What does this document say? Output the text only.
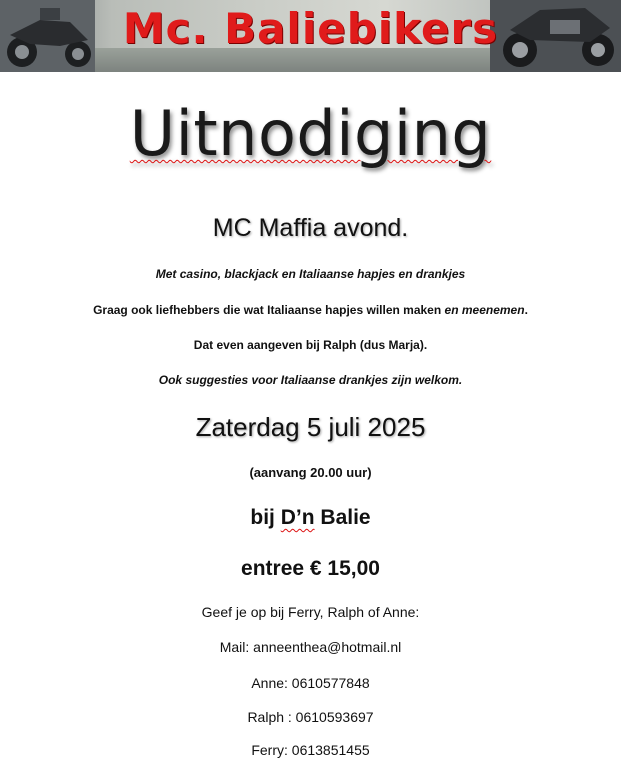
Mc. Baliebikers
Uitnodiging
MC Maffia avond.
Met casino, blackjack en Italiaanse hapjes en drankjes
Graag ook liefhebbers die wat Italiaanse hapjes willen maken en meenemen.
Dat even aangeven bij Ralph (dus Marja).
Ook suggesties voor Italiaanse drankjes zijn welkom.
Zaterdag 5 juli 2025
(aanvang 20.00 uur)
bij D’n Balie
entree € 15,00
Geef je op bij Ferry, Ralph of Anne:
Mail: anneenthea@hotmail.nl
Anne: 0610577848
Ralph : 0610593697
Ferry: 0613851455
